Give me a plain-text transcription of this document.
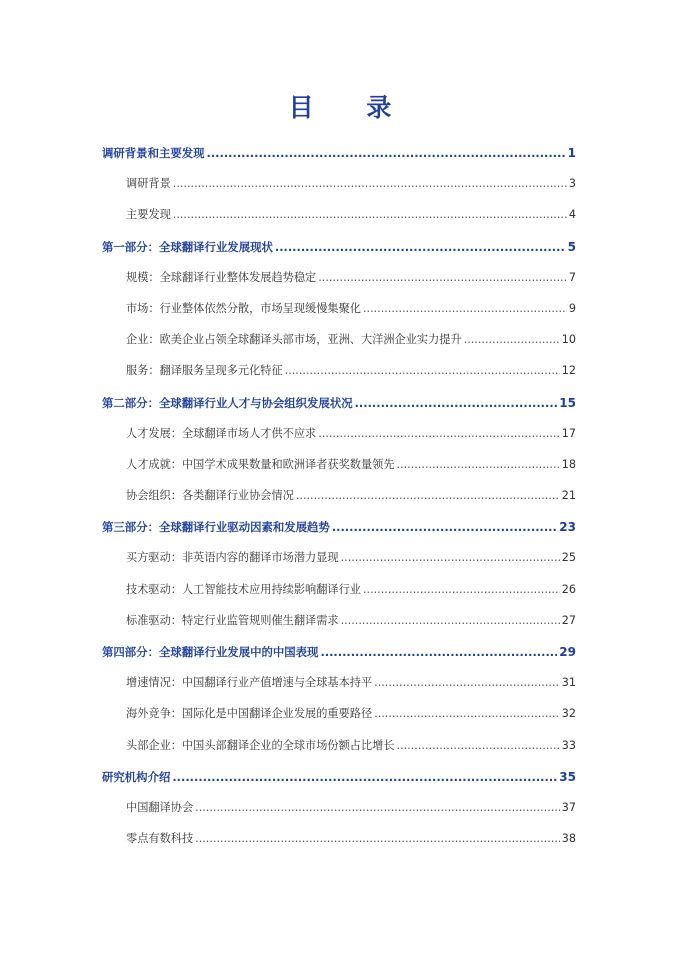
目 录
调研背景和主要发现 .....	1
调研背景 .....	3
主要发现 .....	4
第一部分：全球翻译行业发展现状 .....	5
规模：全球翻译行业整体发展趋势稳定 .....	7
市场：行业整体依然分散，市场呈现缓慢集聚化 .....	9
企业：欧美企业占领全球翻译头部市场，亚洲、大洋洲企业实力提升 .....	10
服务：翻译服务呈现多元化特征 .....	12
第二部分：全球翻译行业人才与协会组织发展状况 .....	15
人才发展：全球翻译市场人才供不应求 .....	17
人才成就：中国学术成果数量和欧洲译者获奖数量领先 .....	18
协会组织：各类翻译行业协会情况 .....	21
第三部分：全球翻译行业驱动因素和发展趋势 .....	23
买方驱动：非英语内容的翻译市场潜力显现 .....	25
技术驱动：人工智能技术应用持续影响翻译行业 .....	26
标准驱动：特定行业监管规则催生翻译需求 .....	27
第四部分：全球翻译行业发展中的中国表现 .....	29
增速情况：中国翻译行业产值增速与全球基本持平 .....	31
海外竞争：国际化是中国翻译企业发展的重要路径 .....	32
头部企业：中国头部翻译企业的全球市场份额占比增长 .....	33
研究机构介绍 .....	35
中国翻译协会 .....	37
零点有数科技 .....	38
